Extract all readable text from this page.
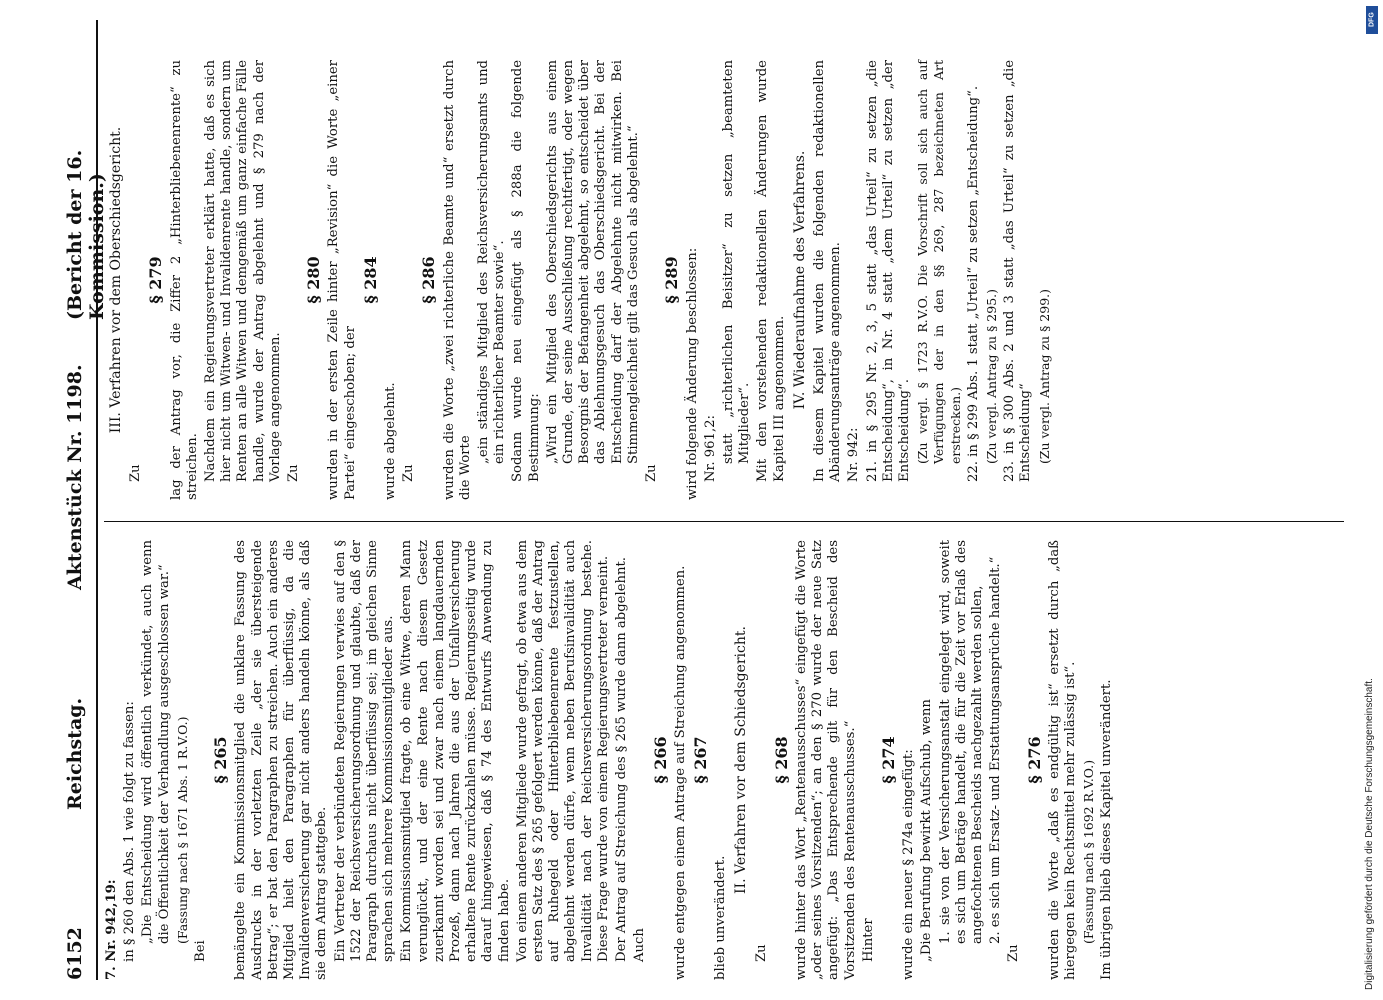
6152
Reichstag.
Aktenstück Nr. 1198.
(Bericht der 16. Kommission.)

7. Nr. 942,19: in § 260 den Abs. 1 wie folgt zu fassen: „Die Entscheidung wird öffentlich verkündet, auch wenn die Öffentlichkeit der Verhandlung ausgeschlossen war.“ (Fassung nach § 1671 Abs. 1 R.V.O.)

Bei

§ 265 bemängelte ein Kommissionsmitglied die unklare Fassung des Ausdrucks in der vorletzten Zeile „der sie übersteigende Betrag“; er bat den Paragraphen zu streichen. Auch ein anderes Mitglied hielt den Paragraphen für überflüssig, da die Invalidenversicherung gar nicht anders handeln könne, als daß sie dem Antrag stattgebe. Ein Vertreter der verbündeten Regierungen verwies auf den § 1522 der Reichsversicherungsordnung und glaubte, daß der Paragraph durchaus nicht überflüssig sei; im gleichen Sinne sprachen sich mehrere Kommissionsmitglieder aus. Ein Kommissionsmitglied fragte, ob eine Witwe, deren Mann verunglückt, und der eine Rente nach diesem Gesetz zuerkannt worden sei und zwar nach einem langdauernden Prozeß, dann nach Jahren die aus der Unfallversicherung erhaltene Rente zurückzahlen müsse. Regierungsseitig wurde darauf hingewiesen, daß § 74 des Entwurfs Anwendung zu finden habe. Von einem anderen Mitgliede wurde gefragt, ob etwa aus dem ersten Satz des § 265 gefolgert werden könne, daß der Antrag auf Ruhegeld oder Hinterbliebenenrente festzustellen, abgelehnt werden dürfe, wenn neben Berufsinvalidität auch Invalidität nach der Reichsversicherungsordnung bestehe. Diese Frage wurde von einem Regierungsvertreter verneint. Der Antrag auf Streichung des § 265 wurde dann abgelehnt. Auch

§ 266 wurde entgegen einem Antrage auf Streichung angenommen. § 267

blieb unverändert.

II. Verfahren vor dem Schiedsgericht.

Zu

§ 268 wurde hinter das Wort „Rentenausschusses“ eingefügt die Worte „oder seines Vorsitzenden“; an den § 270 wurde der neue Satz angefügt: „Das Entsprechende gilt für den Bescheid des Vorsitzenden des Rentenausschusses.“ Hinter

§ 274 wurde ein neuer § 274a eingefügt: „Die Berufung bewirkt Aufschub, wenn 1. sie von der Versicherungsanstalt eingelegt wird, soweit es sich um Beträge handelt, die für die Zeit vor Erlaß des angefochtenen Bescheids nachgezahlt werden sollen, 2. es sich um Ersatz- und Erstattungsansprüche handelt.“

Zu

§ 276 wurden die Worte „daß es endgültig ist“ ersetzt durch „daß hiergegen kein Rechtsmittel mehr zulässig ist“. (Fassung nach § 1692 R.V.O.) Im übrigen blieb dieses Kapitel unverändert.

III. Verfahren vor dem Oberschiedsgericht.

Zu

§ 279 lag der Antrag vor, die Ziffer 2 „Hinterbliebenenrente“ zu streichen. Nachdem ein Regierungsvertreter erklärt hatte, daß es sich hier nicht um Witwen- und Invalidenrente handle, sondern um Renten an alle Witwen und demgemäß um ganz einfache Fälle handle, wurde der Antrag abgelehnt und § 279 nach der Vorlage angenommen. Zu

§ 280 wurden in der ersten Zeile hinter „Revision“ die Worte „einer Partei“ eingeschoben; der

§ 284

wurde abgelehnt. Zu

§ 286 wurden die Worte „zwei richterliche Beamte und“ ersetzt durch die Worte

„ein ständiges Mitglied des Reichsversicherungsamts und ein richterlicher Beamter sowie“. Sodann wurde neu eingefügt als § 288a die folgende Bestimmung: „Wird ein Mitglied des Oberschiedsgerichts aus einem Grunde, der seine Ausschließung rechtfertigt, oder wegen Besorgnis der Befangenheit abgelehnt, so entscheidet über das Ablehnungsgesuch das Oberschiedsgericht. Bei der Entscheidung darf der Abgelehnte nicht mitwirken. Bei Stimmengleichheit gilt das Gesuch als abgelehnt.“

Zu

§ 289 wird folgende Änderung beschlossen: Nr. 961,2: statt „richterlichen Beisitzer“ zu setzen „beamteten Mitglieder“. Mit den vorstehenden redaktionellen Änderungen wurde Kapitel III angenommen. IV. Wiederaufnahme des Verfahrens. In diesem Kapitel wurden die folgenden redaktionellen Abänderungsanträge angenommen. Nr. 942: 21. in § 295 Nr. 2, 3, 5 statt „das Urteil“ zu setzen „die Entscheidung“, in Nr. 4 statt „dem Urteil“ zu setzen „der Entscheidung“. (Zu vergl. § 1723 R.V.O. Die Vorschrift soll sich auch auf Verfügungen der in den §§ 269, 287 bezeichneten Art erstrecken.) 22. in § 299 Abs. 1 statt „Urteil“ zu setzen „Entscheidung“. (Zu vergl. Antrag zu § 295.) 23. in § 300 Abs. 2 und 3 statt „das Urteil“ zu setzen „die Entscheidung“ (Zu vergl. Antrag zu § 299.)

Digitalisierung gefördert durch die Deutsche Forschungsgemeinschaft.
DFG
